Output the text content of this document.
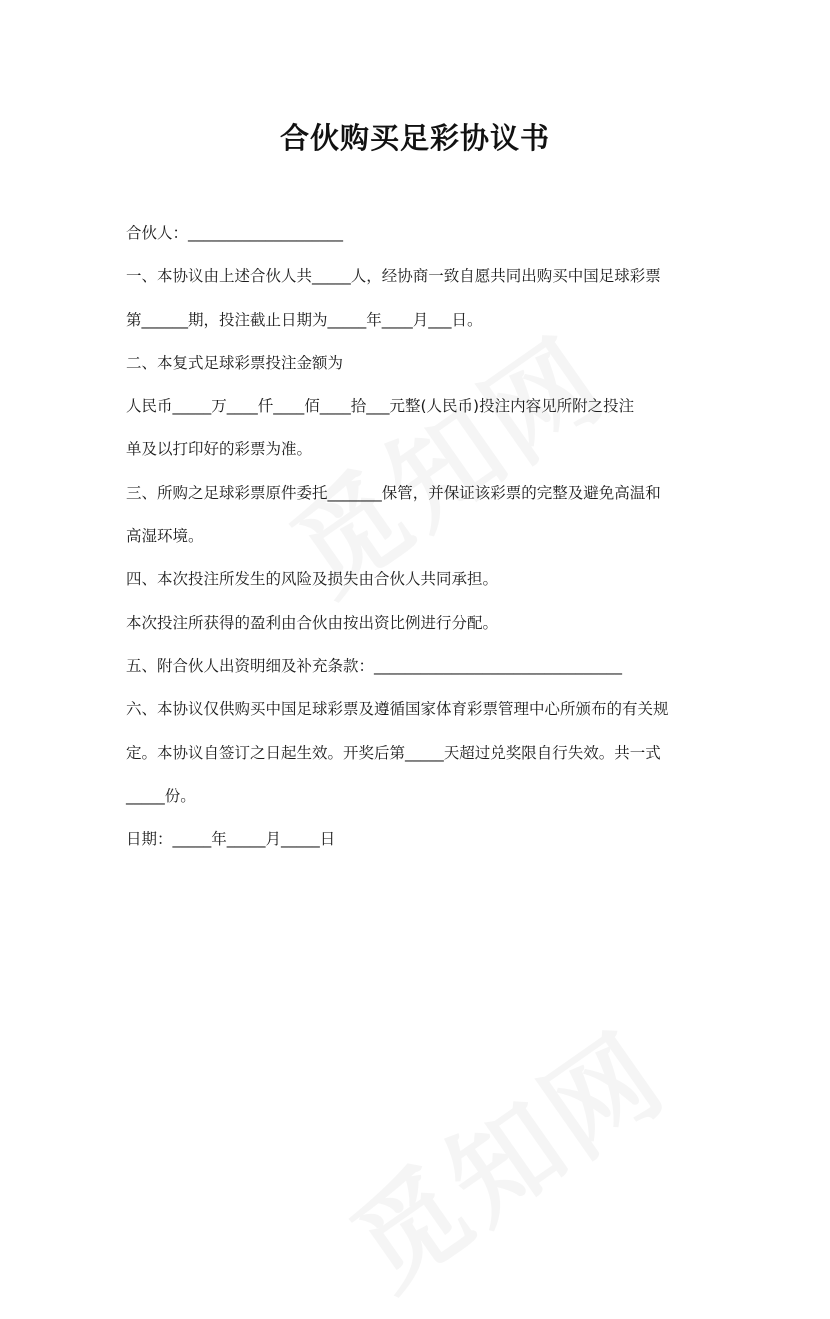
合伙购买足彩协议书
合伙人：____________________
一、本协议由上述合伙人共_____人，经协商一致自愿共同出购买中国足球彩票
第______期，投注截止日期为_____年____月___日。
二、本复式足球彩票投注金额为
人民币_____万____仟____佰____拾___元整(人民币)投注内容见所附之投注
单及以打印好的彩票为准。
三、所购之足球彩票原件委托_______保管，并保证该彩票的完整及避免高温和
高湿环境。
四、本次投注所发生的风险及损失由合伙人共同承担。
本次投注所获得的盈利由合伙由按出资比例进行分配。
五、附合伙人出资明细及补充条款：________________________________
六、本协议仅供购买中国足球彩票及遵循国家体育彩票管理中心所颁布的有关规
定。本协议自签订之日起生效。开奖后第_____天超过兑奖限自行失效。共一式
_____份。
日期：_____年_____月_____日
